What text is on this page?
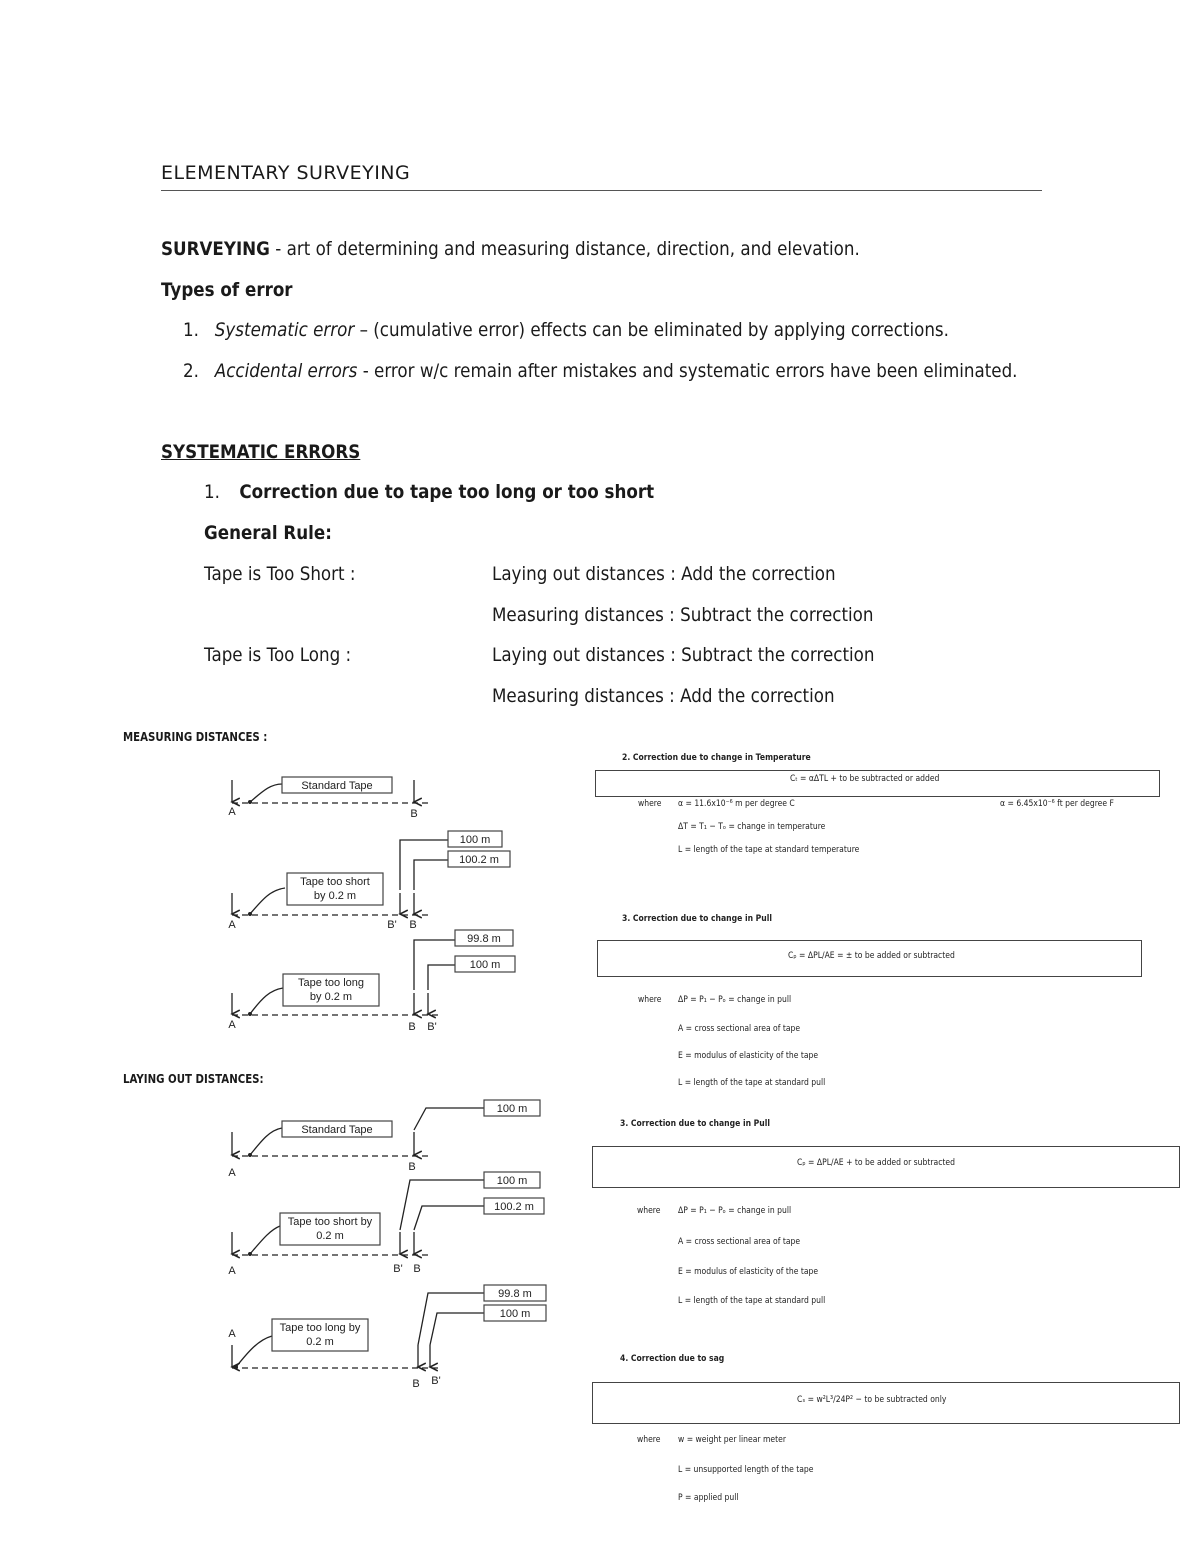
ELEMENTARY SURVEYING
SURVEYING - art of determining and measuring distance, direction, and elevation.
Types of error
1. Systematic error – (cumulative error) effects can be eliminated by applying corrections.
2. Accidental errors - error w/c remain after mistakes and systematic errors have been eliminated.
SYSTEMATIC ERRORS
1. Correction due to tape too long or too short
General Rule:
Tape is Too Short :	Laying out distances : Add the correction
Measuring distances : Subtract the correction
Tape is Too Long :	Laying out distances : Subtract the correction
Measuring distances : Add the correction
MEASURING DISTANCES :
LAYING OUT DISTANCES:
Standard Tape
100 m
100.2 m
Tape too short
by 0.2 m
99.8 m
100 m
Tape too long
by 0.2 m
100 m
Standard Tape
100 m
100.2 m
Tape too short by
0.2 m
99.8 m
100 m
Tape too long by
0.2 m
A	B
A	B' B
A	B B'
A	B
A	B' B
A
B B'
2. Correction due to change in Temperature
Cₜ = αΔTL + to be subtracted or added
where α = 11.6x10⁻⁶ m per degree C	α = 6.45x10⁻⁶ ft per degree F
ΔT = T₁ − Tₒ = change in temperature
L = length of the tape at standard temperature
3. Correction due to change in Pull
Cₚ = ΔPL/AE = ± to be added or subtracted
where ΔP = P₁ − Pₒ = change in pull
A = cross sectional area of tape
E = modulus of elasticity of the tape
L = length of the tape at standard pull
3. Correction due to change in Pull
Cₚ = ΔPL/AE + to be added or subtracted
where ΔP = P₁ − Pₒ = change in pull
A = cross sectional area of tape
E = modulus of elasticity of the tape
L = length of the tape at standard pull
4. Correction due to sag
Cₛ = w²L³/24P² − to be subtracted only
where w = weight per linear meter
L = unsupported length of the tape
P = applied pull
